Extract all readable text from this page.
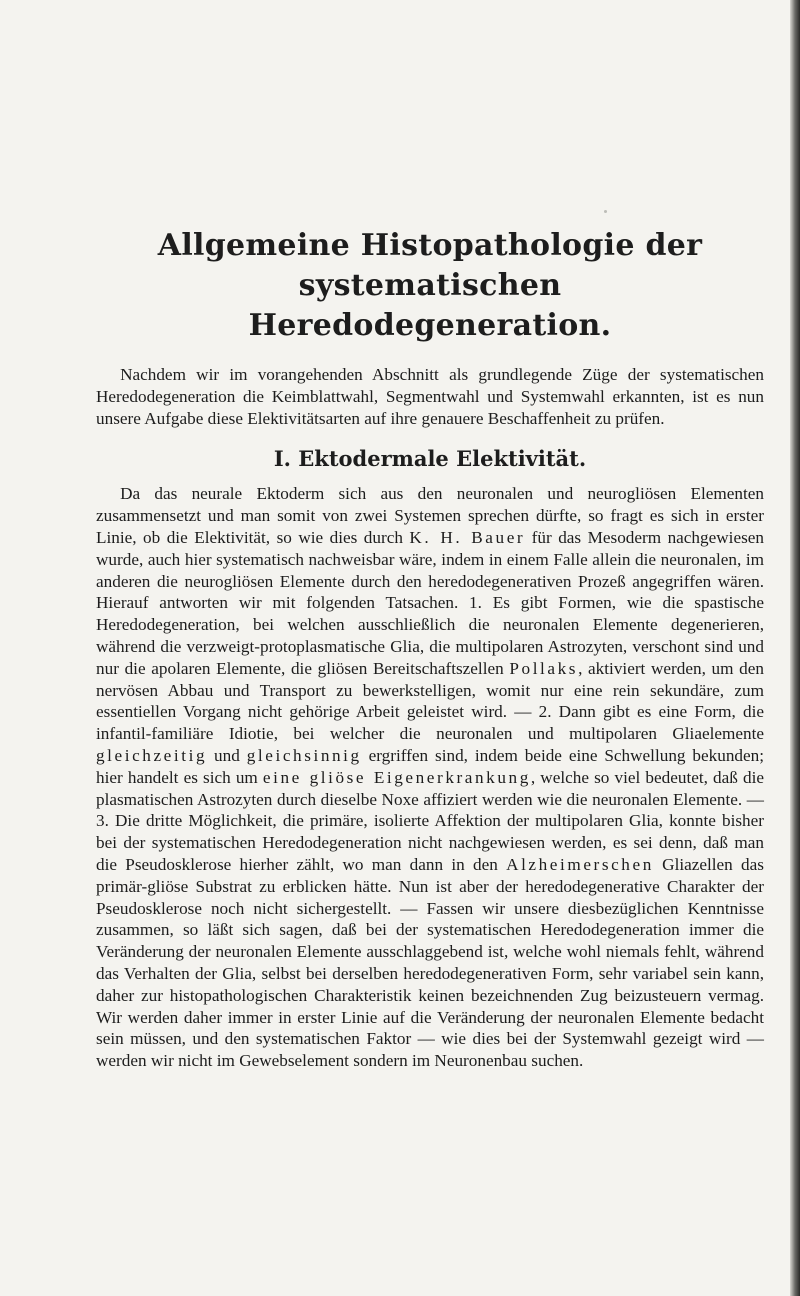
Allgemeine Histopathologie der systematischen
Heredodegeneration.

Nachdem wir im vorangehenden Abschnitt als grundlegende Züge der systematischen Heredodegeneration die Keimblattwahl, Segmentwahl und Systemwahl erkannten, ist es nun unsere Aufgabe diese Elektivitätsarten auf ihre genauere Beschaffenheit zu prüfen.

I. Ektodermale Elektivität.

Da das neurale Ektoderm sich aus den neuronalen und neurogliösen Elementen zusammensetzt und man somit von zwei Systemen sprechen dürfte, so fragt es sich in erster Linie, ob die Elektivität, so wie dies durch K. H. Bauer für das Mesoderm nachgewiesen wurde, auch hier systematisch nachweisbar wäre, indem in einem Falle allein die neuronalen, im anderen die neurogliösen Elemente durch den heredodegenerativen Prozeß angegriffen wären. Hierauf antworten wir mit folgenden Tatsachen. 1. Es gibt Formen, wie die spastische Heredodegeneration, bei welchen ausschließlich die neuronalen Elemente degenerieren, während die verzweigt-protoplasmatische Glia, die multipolaren Astrozyten, verschont sind und nur die apolaren Elemente, die gliösen Bereitschaftszellen Pollaks, aktiviert werden, um den nervösen Abbau und Transport zu bewerkstelligen, womit nur eine rein sekundäre, zum essentiellen Vorgang nicht gehörige Arbeit geleistet wird. — 2. Dann gibt es eine Form, die infantil-familiäre Idiotie, bei welcher die neuronalen und multipolaren Gliaelemente gleichzeitig und gleichsinnig ergriffen sind, indem beide eine Schwellung bekunden; hier handelt es sich um eine gliöse Eigenerkrankung, welche so viel bedeutet, daß die plasmatischen Astrozyten durch dieselbe Noxe affiziert werden wie die neuronalen Elemente. — 3. Die dritte Möglichkeit, die primäre, isolierte Affektion der multipolaren Glia, konnte bisher bei der systematischen Heredodegeneration nicht nachgewiesen werden, es sei denn, daß man die Pseudosklerose hierher zählt, wo man dann in den Alzheimerschen Gliazellen das primär-gliöse Substrat zu erblicken hätte. Nun ist aber der heredodegenerative Charakter der Pseudosklerose noch nicht sichergestellt. — Fassen wir unsere diesbezüglichen Kenntnisse zusammen, so läßt sich sagen, daß bei der systematischen Heredodegeneration immer die Veränderung der neuronalen Elemente ausschlaggebend ist, welche wohl niemals fehlt, während das Verhalten der Glia, selbst bei derselben heredodegenerativen Form, sehr variabel sein kann, daher zur histopathologischen Charakteristik keinen bezeichnenden Zug beizusteuern vermag. Wir werden daher immer in erster Linie auf die Veränderung der neuronalen Elemente bedacht sein müssen, und den systematischen Faktor — wie dies bei der Systemwahl gezeigt wird — werden wir nicht im Gewebselement sondern im Neuronenbau suchen.
